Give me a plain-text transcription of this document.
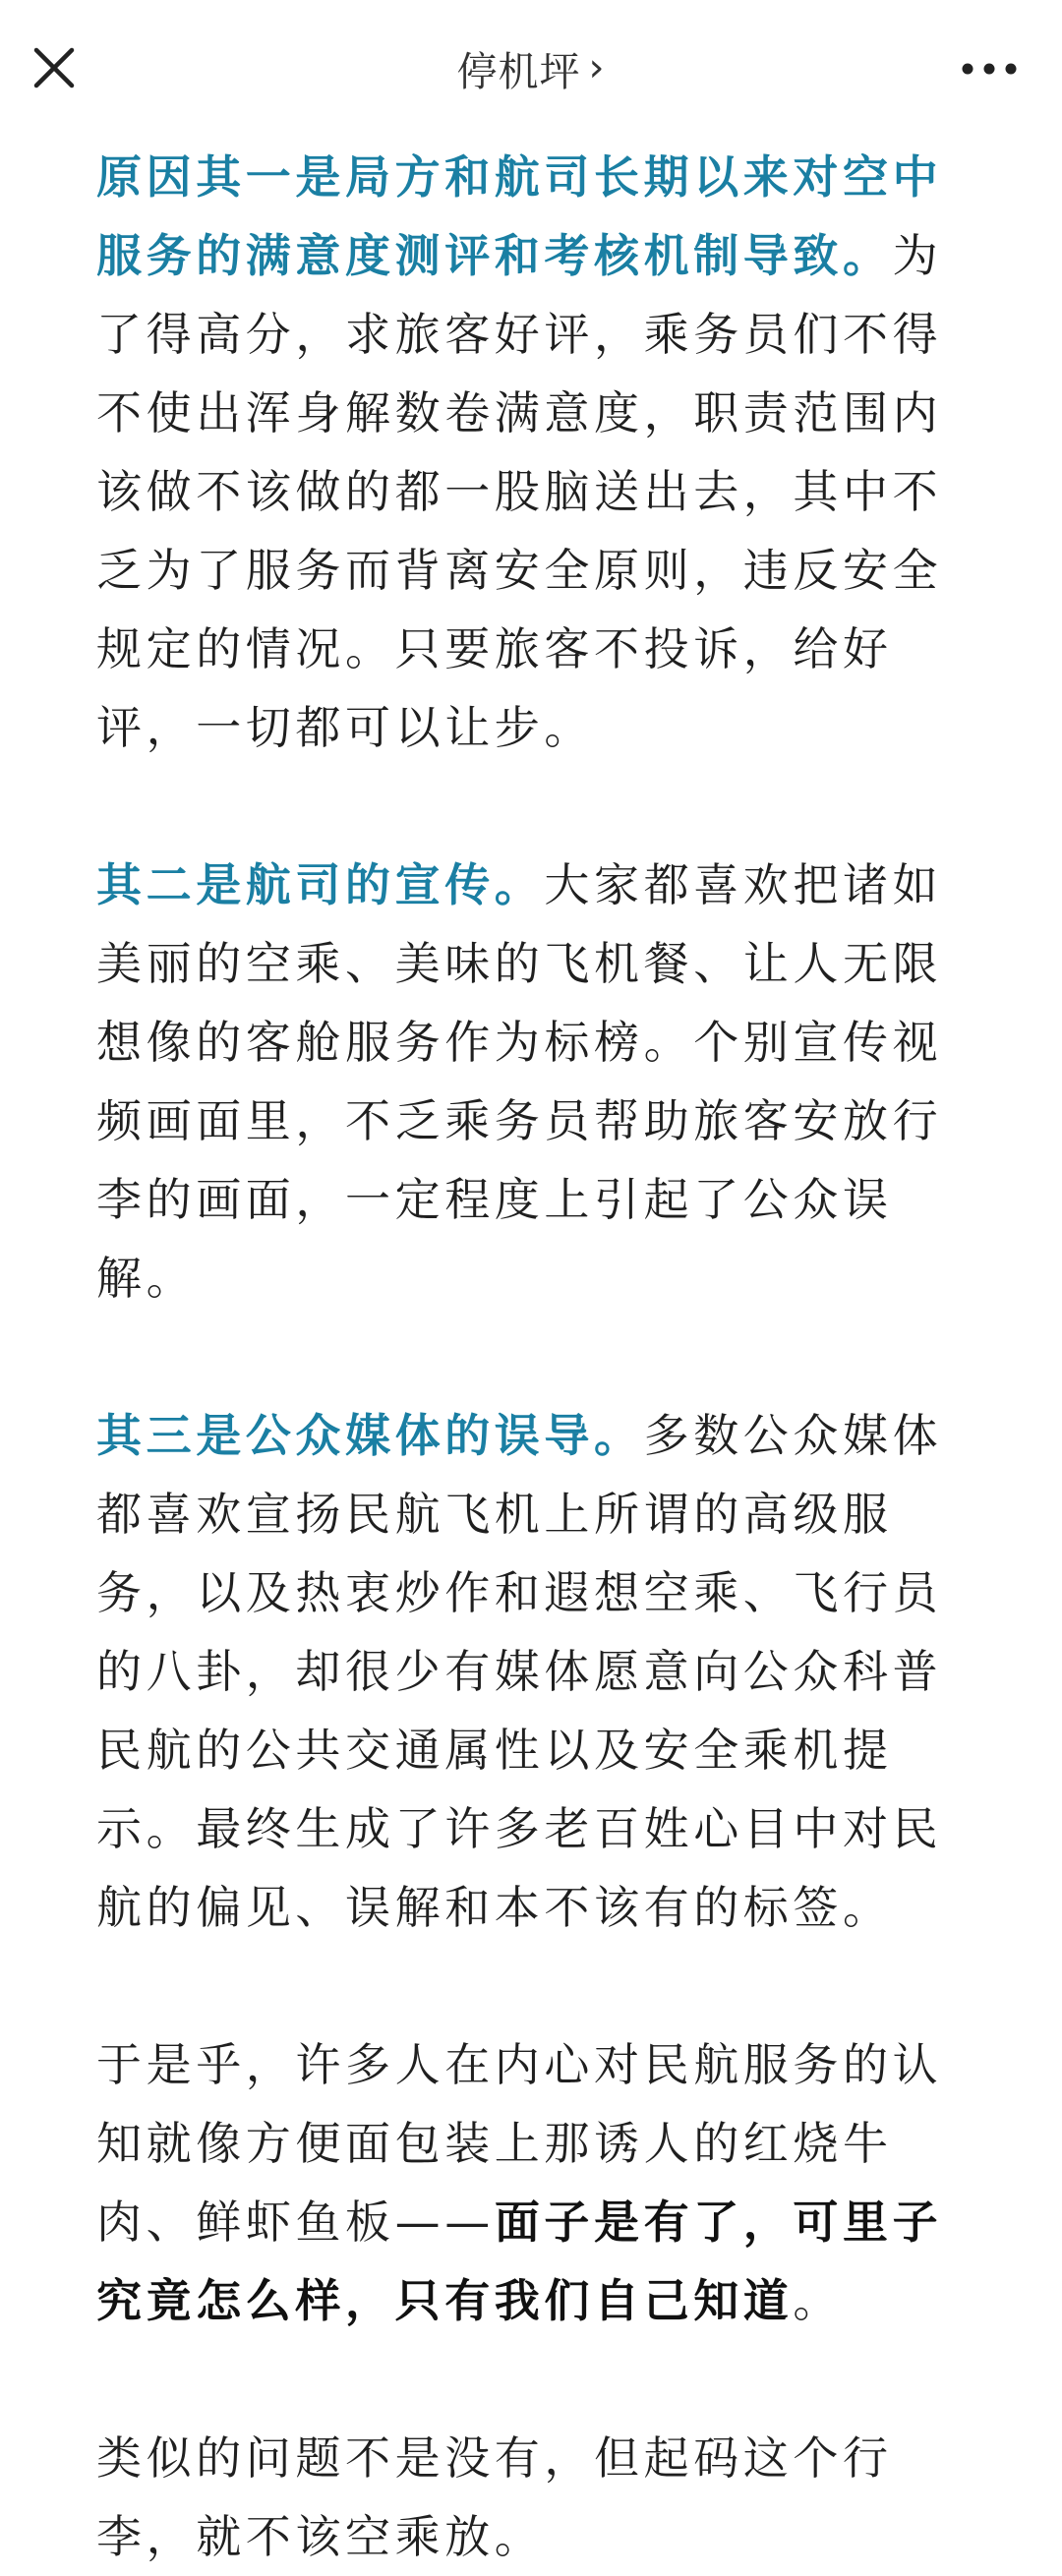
停机坪 ›

原因其一是局方和航司长期以来对空中服务的满意度测评和考核机制导致。为了得高分，求旅客好评，乘务员们不得不使出浑身解数卷满意度，职责范围内该做不该做的都一股脑送出去，其中不乏为了服务而背离安全原则，违反安全规定的情况。只要旅客不投诉，给好评，一切都可以让步。

其二是航司的宣传。大家都喜欢把诸如美丽的空乘、美味的飞机餐、让人无限想像的客舱服务作为标榜。个别宣传视频画面里，不乏乘务员帮助旅客安放行李的画面，一定程度上引起了公众误解。

其三是公众媒体的误导。多数公众媒体都喜欢宣扬民航飞机上所谓的高级服务，以及热衷炒作和遐想空乘、飞行员的八卦，却很少有媒体愿意向公众科普民航的公共交通属性以及安全乘机提示。最终生成了许多老百姓心目中对民航的偏见、误解和本不该有的标签。

于是乎，许多人在内心对民航服务的认知就像方便面包装上那诱人的红烧牛肉、鲜虾鱼板——面子是有了，可里子究竟怎么样，只有我们自己知道。

类似的问题不是没有，但起码这个行李，就不该空乘放。
